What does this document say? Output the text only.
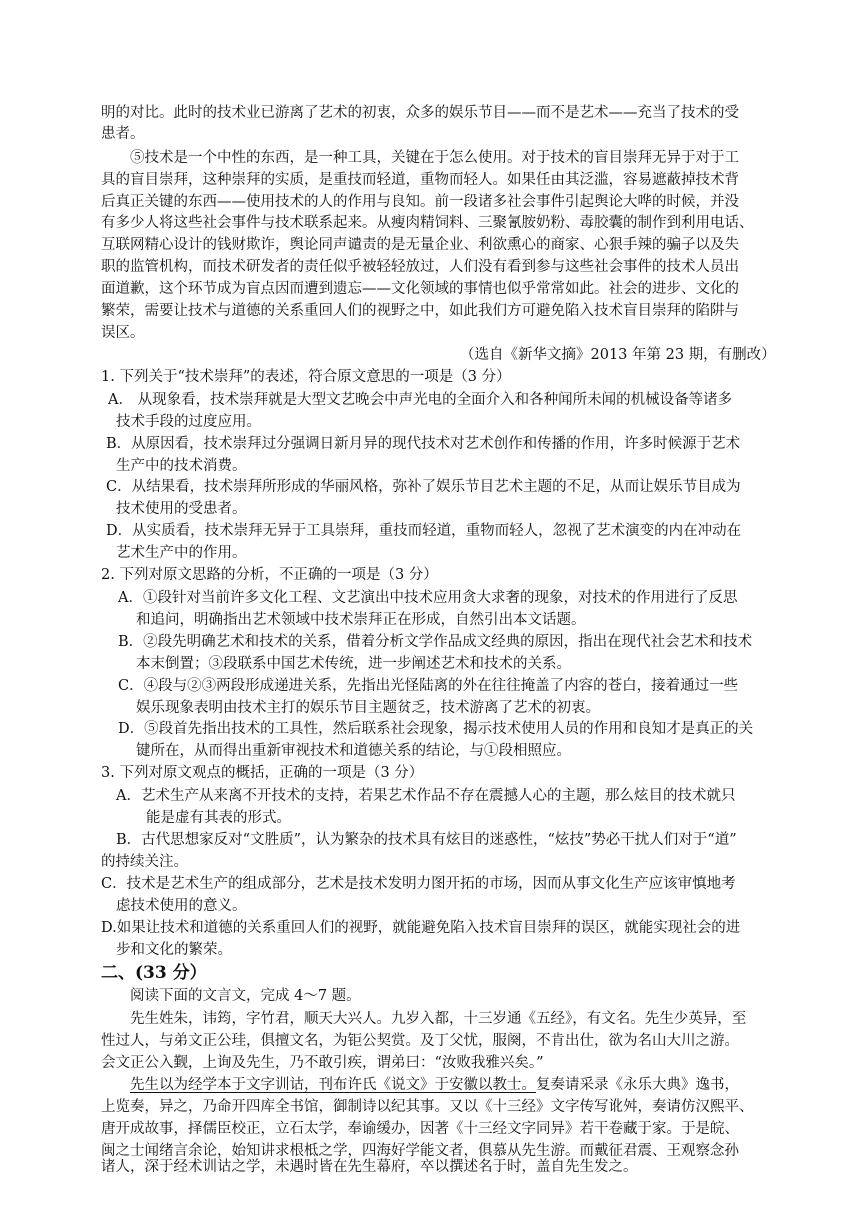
明的对比。此时的技术业已游离了艺术的初衷，众多的娱乐节目——而不是艺术——充当了技术的受
患者。
⑤技术是一个中性的东西，是一种工具，关键在于怎么使用。对于技术的盲目崇拜无异于对于工
具的盲目崇拜，这种崇拜的实质，是重技而轻道，重物而轻人。如果任由其泛滥，容易遮蔽掉技术背
后真正关键的东西——使用技术的人的作用与良知。前一段诸多社会事件引起舆论大哗的时候，并没
有多少人将这些社会事件与技术联系起来。从瘦肉精饲料、三聚氰胺奶粉、毒胶囊的制作到利用电话、
互联网精心设计的钱财欺诈，舆论同声谴责的是无量企业、利欲熏心的商家、心狠手辣的骗子以及失
职的监管机构，而技术研发者的责任似乎被轻轻放过，人们没有看到参与这些社会事件的技术人员出
面道歉，这个环节成为盲点因而遭到遗忘——文化领域的事情也似乎常常如此。社会的进步、文化的
繁荣，需要让技术与道德的关系重回人们的视野之中，如此我们方可避免陷入技术盲目崇拜的陷阱与
误区。
（选自《新华文摘》2013 年第 23 期，有删改）
1. 下列关于“技术崇拜”的表述，符合原文意思的一项是（3 分）
A． 从现象看，技术崇拜就是大型文艺晚会中声光电的全面介入和各种闻所未闻的机械设备等诸多
技术手段的过度应用。
B．从原因看，技术崇拜过分强调日新月异的现代技术对艺术创作和传播的作用，许多时候源于艺术
生产中的技术消费。
C．从结果看，技术崇拜所形成的华丽风格，弥补了娱乐节目艺术主题的不足，从而让娱乐节目成为
技术使用的受患者。
D．从实质看，技术崇拜无异于工具崇拜，重技而轻道，重物而轻人，忽视了艺术演变的内在冲动在
艺术生产中的作用。
2. 下列对原文思路的分析，不正确的一项是（3 分）
A．①段针对当前许多文化工程、文艺演出中技术应用贪大求奢的现象，对技术的作用进行了反思
和追问，明确指出艺术领域中技术崇拜正在形成，自然引出本文话题。
B．②段先明确艺术和技术的关系，借着分析文学作品成文经典的原因，指出在现代社会艺术和技术
本末倒置；③段联系中国艺术传统，进一步阐述艺术和技术的关系。
C．④段与②③两段形成递进关系，先指出光怪陆离的外在往往掩盖了内容的苍白，接着通过一些
娱乐现象表明由技术主打的娱乐节目主题贫乏，技术游离了艺术的初衷。
D．⑤段首先指出技术的工具性，然后联系社会现象，揭示技术使用人员的作用和良知才是真正的关
键所在，从而得出重新审视技术和道德关系的结论，与①段相照应。
3. 下列对原文观点的概括，正确的一项是（3 分）
A．艺术生产从来离不开技术的支持，若果艺术作品不存在震撼人心的主题，那么炫目的技术就只
能是虚有其表的形式。
B．古代思想家反对“文胜质”，认为繁杂的技术具有炫目的迷惑性，“炫技”势必干扰人们对于“道”
的持续关注。
C．技术是艺术生产的组成部分，艺术是技术发明力图开拓的市场，因而从事文化生产应该审慎地考
虑技术使用的意义。
D.如果让技术和道德的关系重回人们的视野，就能避免陷入技术盲目崇拜的误区，就能实现社会的进
步和文化的繁荣。
二、(33 分）
阅读下面的文言文，完成 4～7 题。
先生姓朱，讳筠，字竹君，顺天大兴人。九岁入都，十三岁通《五经》，有文名。先生少英异，至
性过人，与弟文正公珪，俱擅文名，为钜公契赏。及丁父忧，服阕，不肯出仕，欲为名山大川之游。
会文正公入觐，上询及先生，乃不敢引疾，谓弟曰：“汝败我雅兴矣。”
先生以为经学本于文字训诂，刊布许氏《说文》于安徽以教士。复奏请采录《永乐大典》逸书，
上览奏，异之，乃命开四库全书馆，御制诗以纪其事。又以《十三经》文字传写讹舛，奏请仿汉熙平、
唐开成故事，择儒臣校正，立石太学，奉谕缓办，因著《十三经文字同异》若干卷藏于家。于是皖、
闽之士闻绪言余论，始知讲求根柢之学，四海好学能文者，俱慕从先生游。而戴征君震、王观察念孙
诸人，深于经术训诂之学，未遇时皆在先生幕府，卒以撰述名于时，盖自先生发之。
